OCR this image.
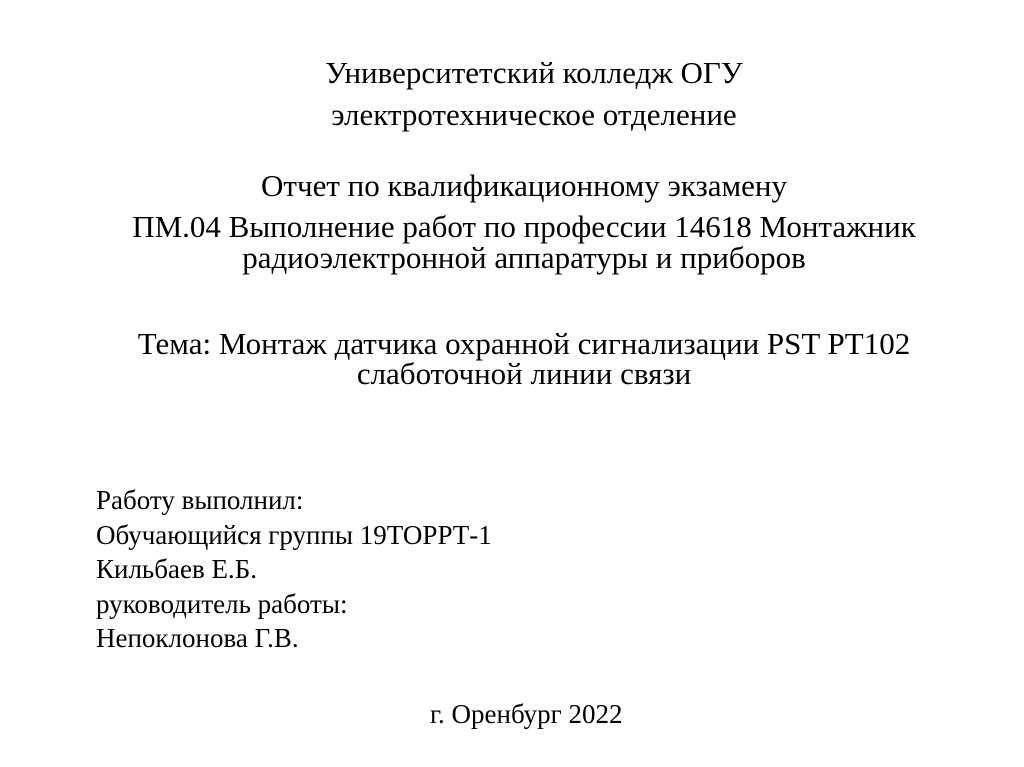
Университетский колледж ОГУ
электротехническое отделение
Отчет по квалификационному экзамену
ПМ.04 Выполнение работ по профессии 14618 Монтажник
радиоэлектронной аппаратуры и приборов
Тема: Монтаж датчика охранной сигнализации PST PT102
слаботочной линии связи
Работу выполнил:
Обучающийся группы 19ТОРРТ-1
Кильбаев Е.Б.
руководитель работы:
Непоклонова Г.В.
г. Оренбург 2022
